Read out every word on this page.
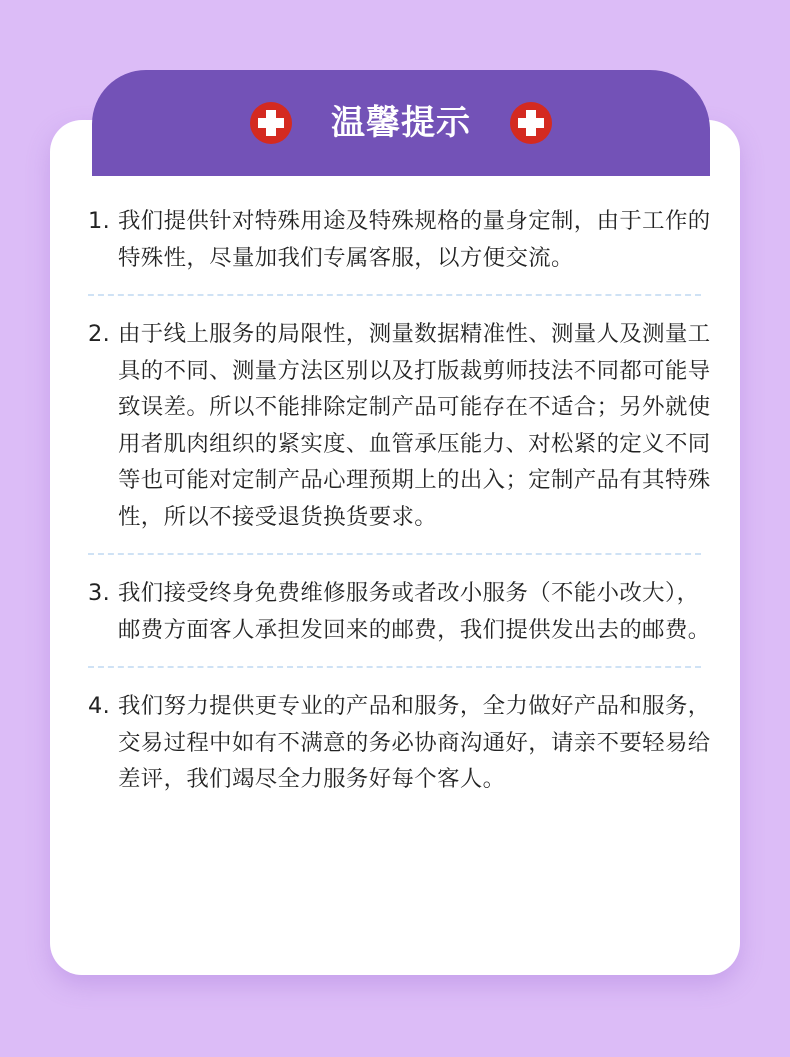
温馨提示
1. 我们提供针对特殊用途及特殊规格的量身定制，由于工作的特殊性，尽量加我们专属客服，以方便交流。
2. 由于线上服务的局限性，测量数据精准性、测量人及测量工具的不同、测量方法区别以及打版裁剪师技法不同都可能导致误差。所以不能排除定制产品可能存在不适合；另外就使用者肌肉组织的紧实度、血管承压能力、对松紧的定义不同等也可能对定制产品心理预期上的出入；定制产品有其特殊性，所以不接受退货换货要求。
3. 我们接受终身免费维修服务或者改小服务（不能小改大），邮费方面客人承担发回来的邮费，我们提供发出去的邮费。
4. 我们努力提供更专业的产品和服务，全力做好产品和服务，交易过程中如有不满意的务必协商沟通好，请亲不要轻易给差评，我们竭尽全力服务好每个客人。
